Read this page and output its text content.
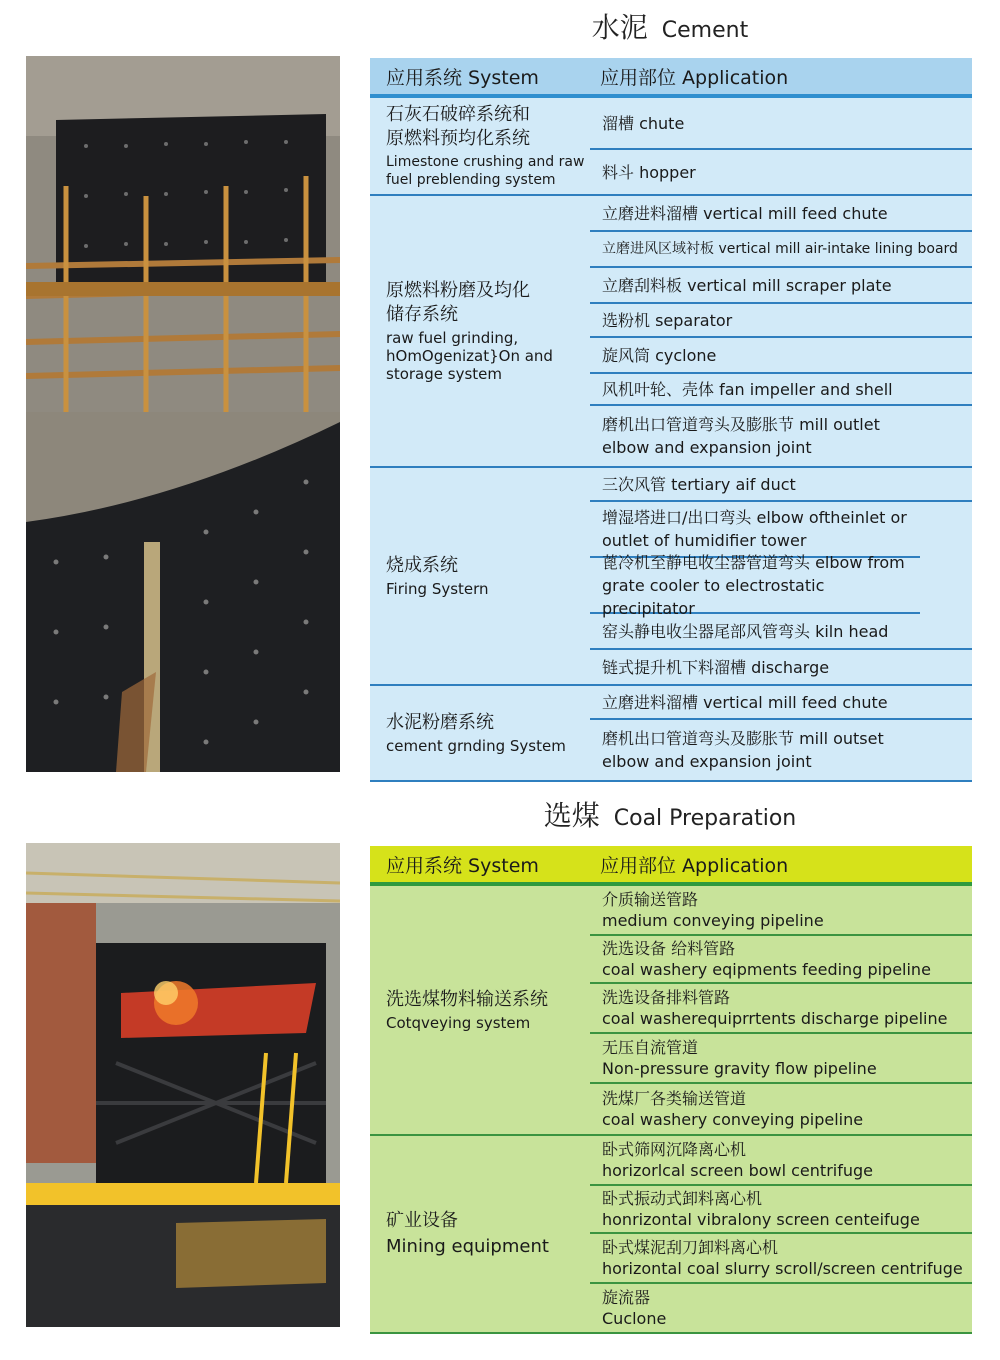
水泥 Cement
应用系统 System	应用部位 Application
石灰石破碎系统和原燃料预均化系统
Limestone crushing and raw fuel preblending system
溜槽 chute
料斗 hopper
原燃料粉磨及均化储存系统
raw fuel grinding, hOmOgenizat}On and storage system
立磨进料溜槽 vertical mill feed chute
立磨进风区域衬板 vertical mill air-intake lining board
立磨刮料板 vertical mill scraper plate
选粉机 separator
旋风筒 cyclone
风机叶轮、壳体 fan impeller and shell
磨机出口管道弯头及膨胀节 mill outlet elbow and expansion joint
烧成系统
Firing Systern
三次风管 tertiary aif duct
增湿塔进口/出口弯头 elbow oftheinlet or outlet of humidifier tower
蓖冷机至静电收尘器管道弯头 elbow from grate cooler to electrostatic precipitator
窑头静电收尘器尾部风管弯头 kiln head
链式提升机下料溜槽 discharge
水泥粉磨系统
cement grnding System
立磨进料溜槽 vertical mill feed chute
磨机出口管道弯头及膨胀节 mill outset elbow and expansion joint
选煤 Coal Preparation
应用系统 System	应用部位 Application
洗选煤物料输送系统
Cotqveying system
介质输送管路
medium conveying pipeline
洗选设备 给料管路
coal washery eqipments feeding pipeline
洗选设备排料管路
coal washerequiprrtents discharge pipeline
无压自流管道
Non-pressure gravity flow pipeline
洗煤厂各类输送管道
coal washery conveying pipeline
矿业设备
Mining equipment
卧式筛网沉降离心机
horizorlcal screen bowl centrifuge
卧式振动式卸料离心机
honrizontal vibralony screen centeifuge
卧式煤泥刮刀卸料离心机
horizontal coal slurry scroll/screen centrifuge
旋流器
Cuclone
